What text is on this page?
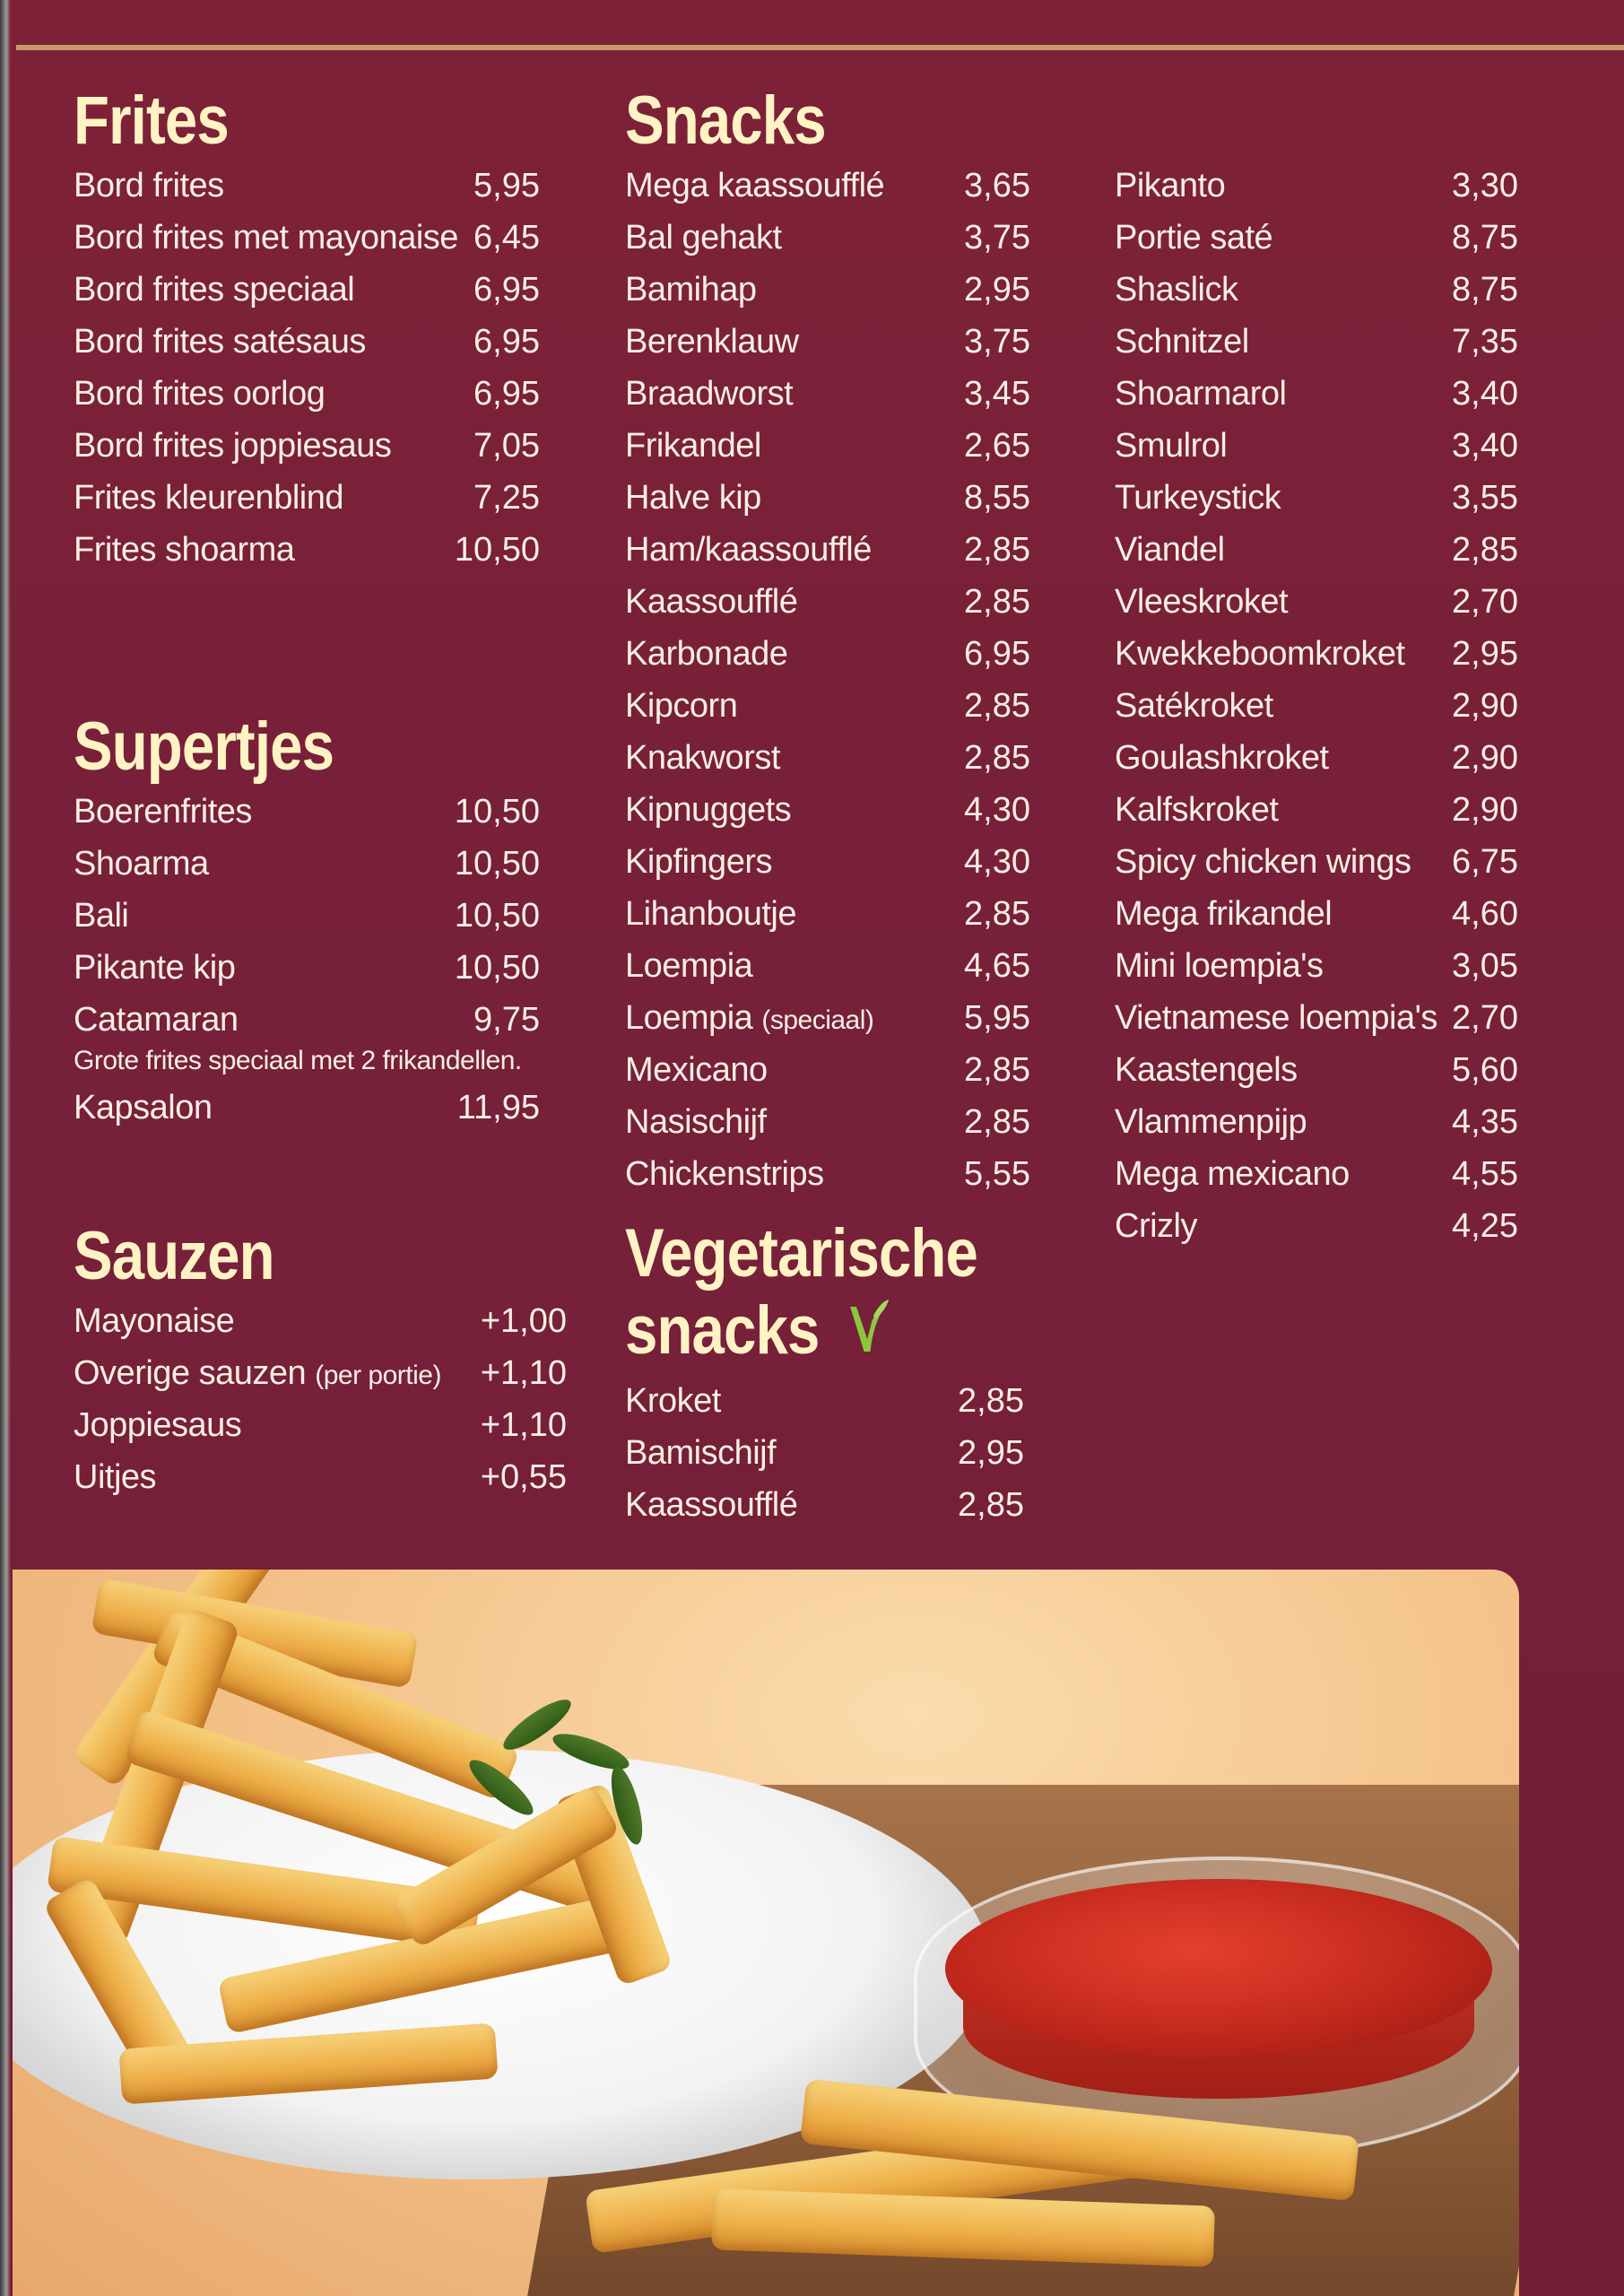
Frites
Bord frites	5,95
Bord frites met mayonaise 6,45
Bord frites speciaal	6,95
Bord frites satésaus	6,95
Bord frites oorlog	6,95
Bord frites joppiesaus 7,05
Frites kleurenblind	7,25
Frites shoarma	10,50
Supertjes
Boerenfrites	10,50
Shoarma	10,50
Bali	10,50
Pikante kip	10,50
Catamaran	9,75
Grote frites speciaal met 2 frikandellen.
Kapsalon	11,95
Sauzen
Mayonaise	+1,00
Overige sauzen (per portie) +1,10
Joppiesaus	+1,10
Uitjes	+0,55
Snacks
Mega kaassoufflé 3,65
Bal gehakt	3,75
Bamihap	2,95
Berenklauw	3,75
Braadworst	3,45
Frikandel	2,65
Halve kip	8,55
Ham/kaassoufflé	2,85
Kaassoufflé	2,85
Karbonade	6,95
Kipcorn	2,85
Knakworst	2,85
Kipnuggets	4,30
Kipfingers	4,30
Lihanboutje	2,85
Loempia	4,65
Loempia (speciaal)	5,95
Mexicano	2,85
Nasischijf	2,85
Chickenstrips	5,55
Pikanto	3,30
Portie saté	8,75
Shaslick	8,75
Schnitzel	7,35
Shoarmarol	3,40
Smulrol	3,40
Turkeystick	3,55
Viandel	2,85
Vleeskroket	2,70
Kwekkeboomkroket 2,95
Satékroket	2,90
Goulashkroket	2,90
Kalfskroket	2,90
Spicy chicken wings 6,75
Mega frikandel	4,60
Mini loempia's	3,05
Vietnamese loempia's 2,70
Kaastengels	5,60
Vlammenpijp	4,35
Mega mexicano	4,55
Crizly	4,25
Vegetarische
snacks
Kroket	2,85
Bamischijf	2,95
Kaassoufflé	2,85
